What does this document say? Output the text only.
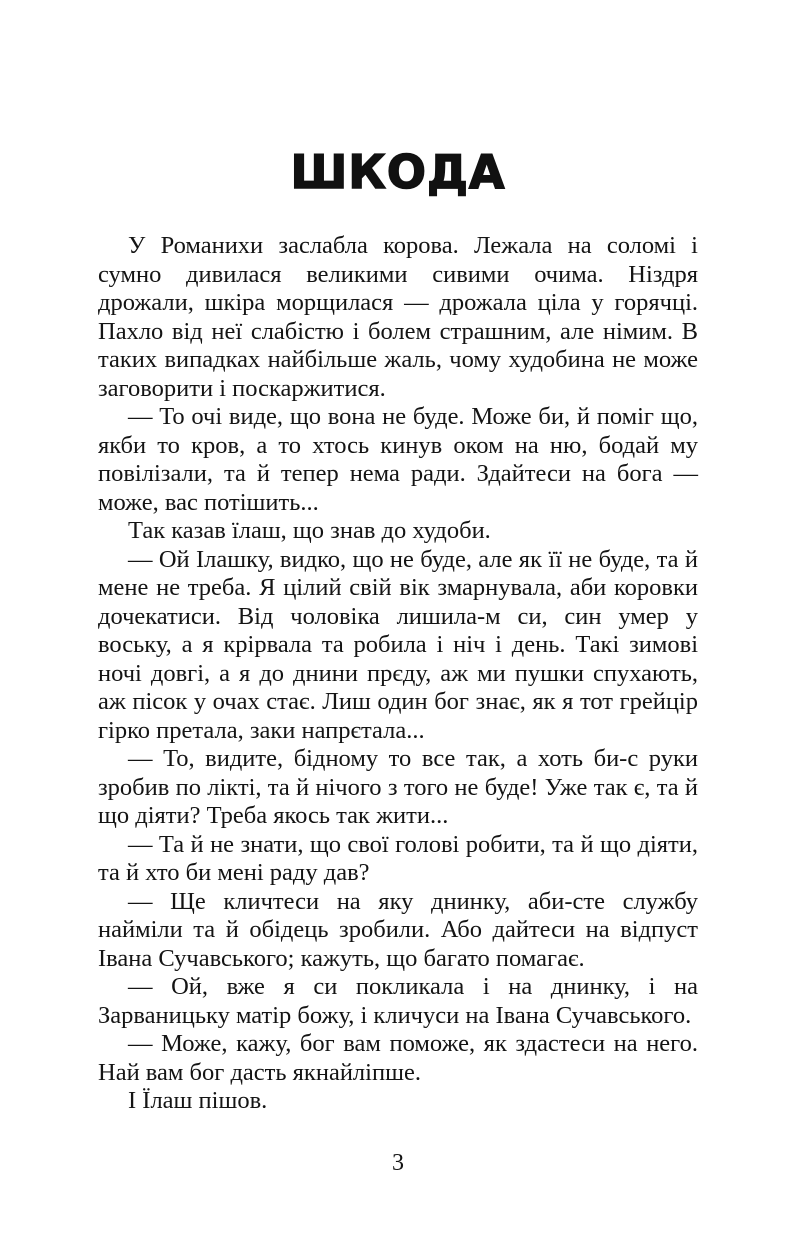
ШКОДА

У Романихи заслабла корова. Лежала на соломі і сумно дивилася великими сивими очима. Ніздря дрожали, шкіра морщилася — дрожала ціла у горячці. Пахло від неї слабістю і болем страшним, але німим. В таких випадках найбільше жаль, чому худобина не може заговорити і поскаржитися.

— То очі виде, що вона не буде. Може би, й поміг що, якби то кров, а то хтось кинув оком на ню, бодай му повілізали, та й тепер нема ради. Здайтеси на бога — може, вас потішить...

Так казав їлаш, що знав до худоби.

— Ой Ілашку, видко, що не буде, але як її не буде, та й мене не треба. Я цілий свій вік змарнувала, аби коровки дочекатиси. Від чоловіка лишила-м си, син умер у воську, а я крірвала та робила і ніч і день. Такі зимові ночі довгі, а я до днини прєду, аж ми пушки спухають, аж пісок у очах стає. Лиш один бог знає, як я тот грейцір гірко претала, заки напрєтала...

— То, видите, бідному то все так, а хоть би-с руки зробив по лікті, та й нічого з того не буде! Уже так є, та й що діяти? Треба якось так жити...

— Та й не знати, що свої голові робити, та й що діяти, та й хто би мені раду дав?

— Ще кличтеси на яку днинку, аби-сте службу найміли та й обідець зробили. Або дайтеси на відпуст Івана Сучавського; кажуть, що багато помагає.

— Ой, вже я си покликала і на днинку, і на Зарваницьку матір божу, і кличуси на Івана Сучавського.

— Може, кажу, бог вам поможе, як здастеси на него. Най вам бог дасть якнайліпше.

І Їлаш пішов.

3
